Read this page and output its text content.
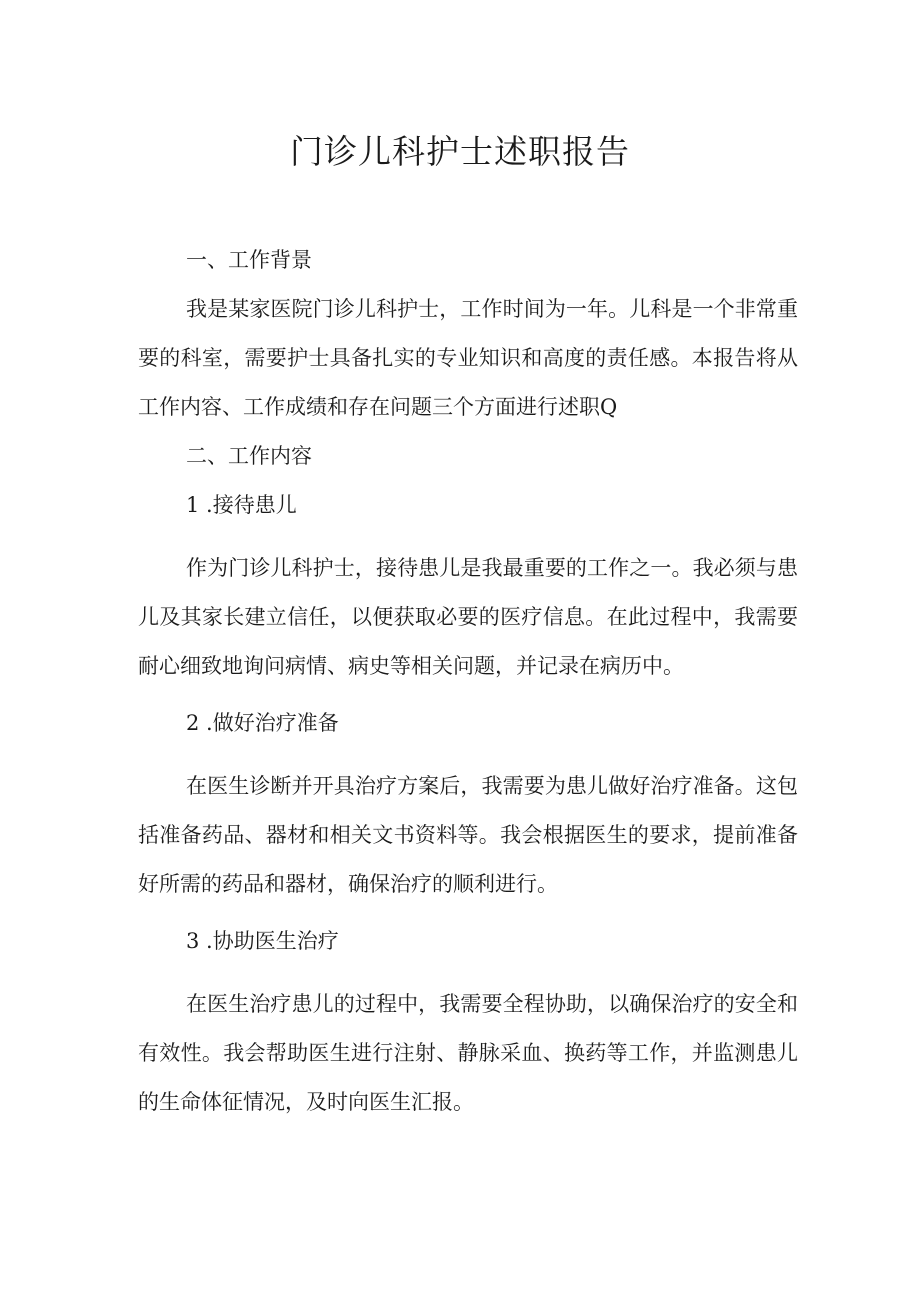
门诊儿科护士述职报告

一、工作背景

我是某家医院门诊儿科护士，工作时间为一年。儿科是一个非常重要的科室，需要护士具备扎实的专业知识和高度的责任感。本报告将从工作内容、工作成绩和存在问题三个方面进行述职Q

二、工作内容

1 .接待患儿

作为门诊儿科护士，接待患儿是我最重要的工作之一。我必须与患儿及其家长建立信任，以便获取必要的医疗信息。在此过程中，我需要耐心细致地询问病情、病史等相关问题，并记录在病历中。

2 .做好治疗准备

在医生诊断并开具治疗方案后，我需要为患儿做好治疗准备。这包括准备药品、器材和相关文书资料等。我会根据医生的要求，提前准备好所需的药品和器材，确保治疗的顺利进行。

3 .协助医生治疗

在医生治疗患儿的过程中，我需要全程协助，以确保治疗的安全和有效性。我会帮助医生进行注射、静脉采血、换药等工作，并监测患儿的生命体征情况，及时向医生汇报。
